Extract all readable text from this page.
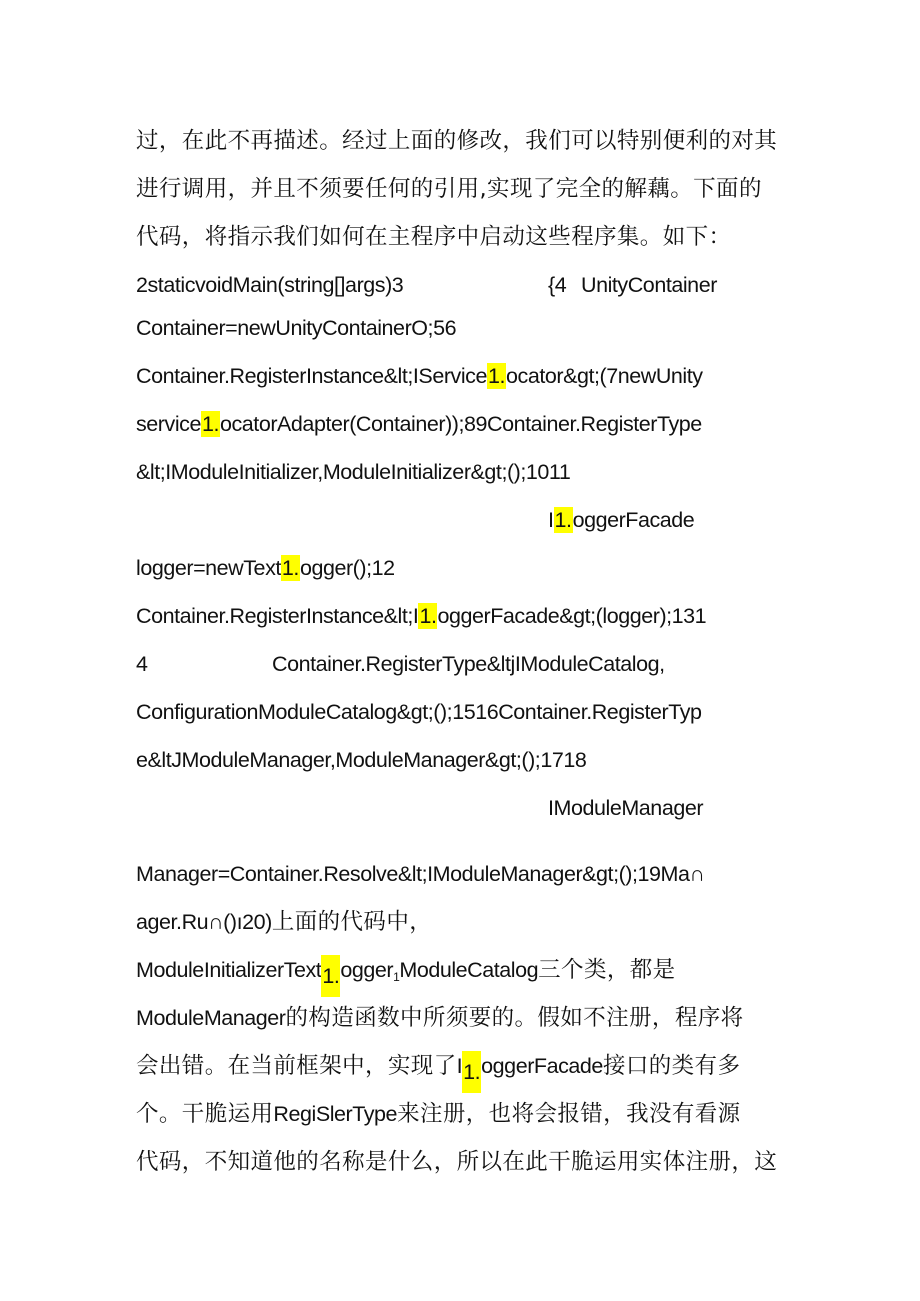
过，在此不再描述。经过上面的修改，我们可以特别便利的对其
进行调用，并且不须要任何的引用,实现了完全的解藕。下面的
代码，将指示我们如何在主程序中启动这些程序集。如下：
2staticvoidMain(string[]args)3	{4 UnityContainer
Container=newUnityContainerO;56
Container.RegisterInstance&lt;IService1.ocator&gt;(7newUnity
service1.ocatorAdapter(Container));89Container.RegisterType
&lt;IModuleInitializer,ModuleInitializer&gt;();1011
I1.oggerFacade
logger=newText1.ogger();12
Container.RegisterInstance&lt;I1.oggerFacade&gt;(logger);131
4	Container.RegisterType&ltjIModuleCatalog,
ConfigurationModuleCatalog&gt;();1516Container.RegisterTyp
e&ltJModuleManager,ModuleManager&gt;();1718
IModuleManager
Manager=Container.Resolve&lt;IModuleManager&gt;();19Ma∩
ager.Ru∩()ı20)上面的代码中，
ModuleInitializerText1.ogger$_1$ModuleCatalog三个类，都是
ModuleManager的构造函数中所须要的。假如不注册，程序将
会出错。在当前框架中，实现了I1.oggerFacade接口的类有多
个。干脆运用RegiSlerType来注册，也将会报错，我没有看源
代码，不知道他的名称是什么，所以在此干脆运用实体注册，这
